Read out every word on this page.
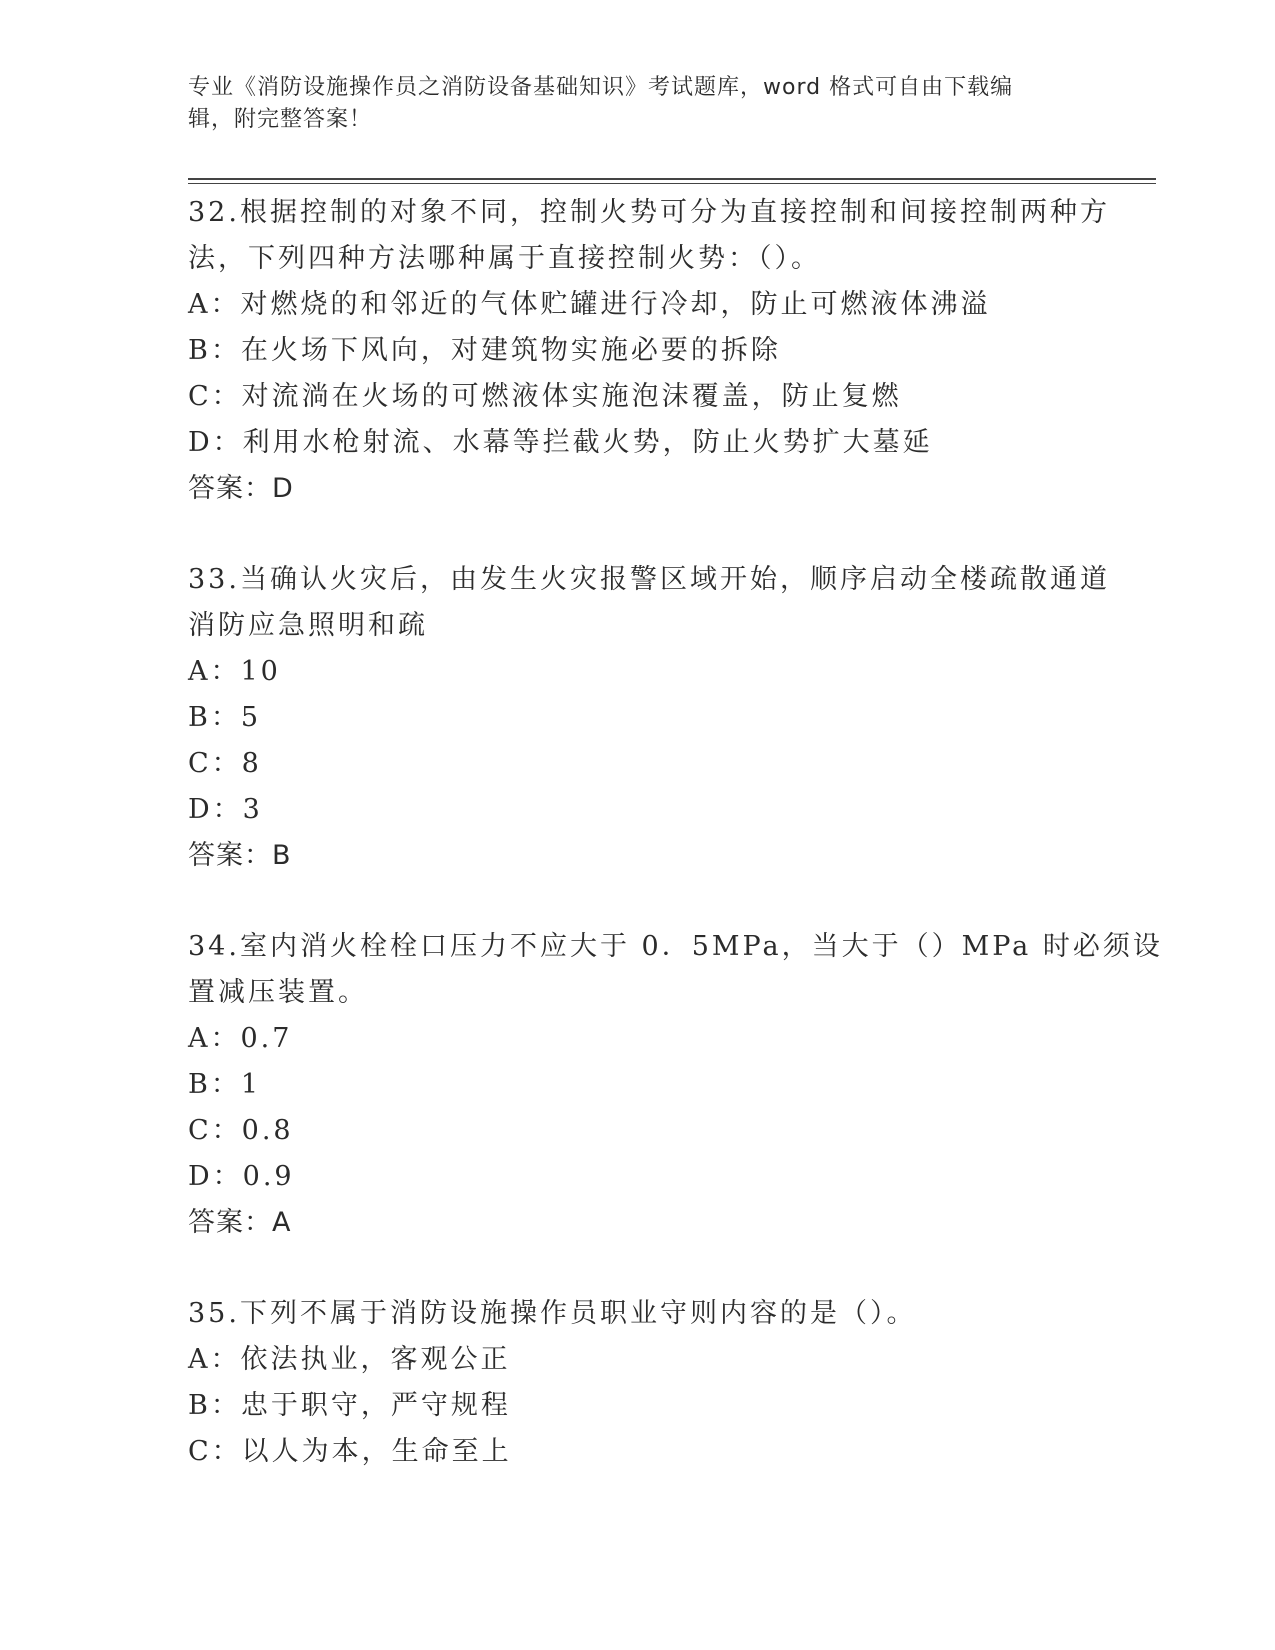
专业《消防设施操作员之消防设备基础知识》考试题库，word 格式可自由下载编
辑，附完整答案！
32.根据控制的对象不同，控制火势可分为直接控制和间接控制两种方
法，下列四种方法哪种属于直接控制火势：（）。
A：对燃烧的和邻近的气体贮罐进行冷却，防止可燃液体沸溢
B：在火场下风向，对建筑物实施必要的拆除
C：对流淌在火场的可燃液体实施泡沫覆盖，防止复燃
D：利用水枪射流、水幕等拦截火势，防止火势扩大墓延
答案：D
33.当确认火灾后，由发生火灾报警区域开始，顺序启动全楼疏散通道
消防应急照明和疏
A：10
B：5
C：8
D：3
答案：B
34.室内消火栓栓口压力不应大于 0．5MPa，当大于（）MPa 时必须设
置减压装置。
A：0.7
B：1
C：0.8
D：0.9
答案：A
35.下列不属于消防设施操作员职业守则内容的是（）。
A：依法执业，客观公正
B：忠于职守，严守规程
C：以人为本，生命至上
